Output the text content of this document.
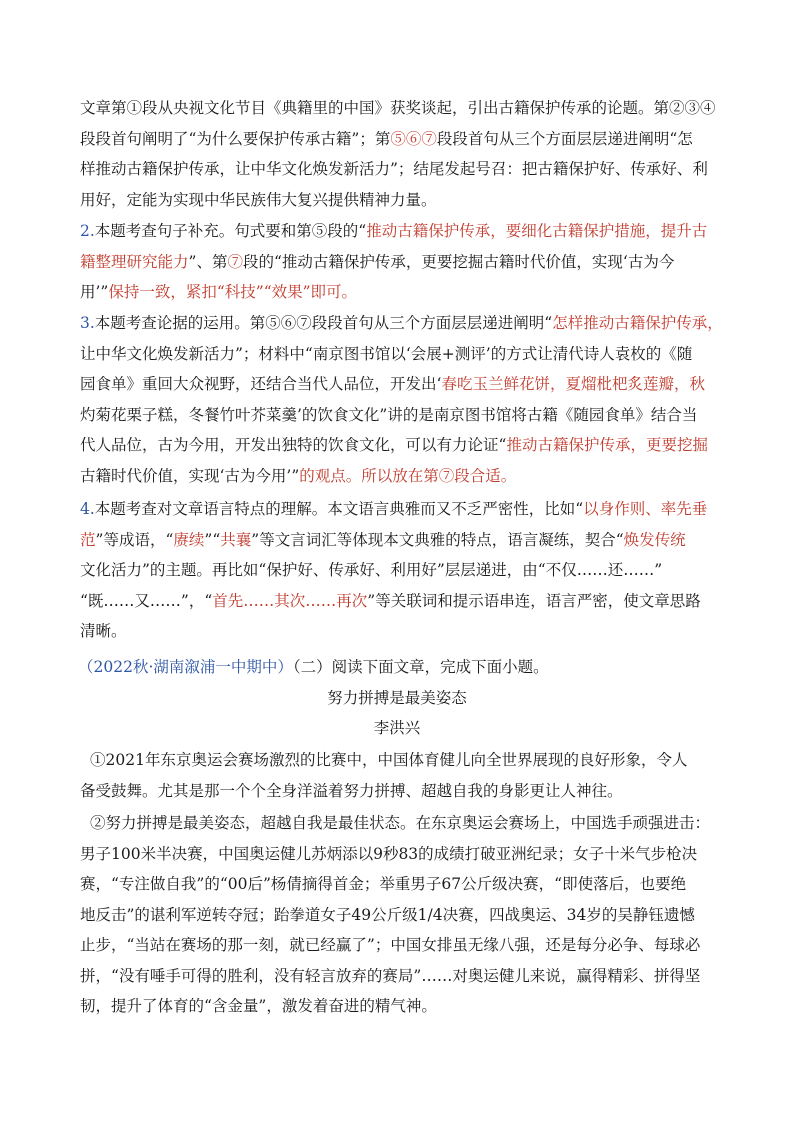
文章第①段从央视文化节目《典籍里的中国》获奖谈起，引出古籍保护传承的论题。第②③④
段段首句阐明了“为什么要保护传承古籍”；第⑤⑥⑦段段首句从三个方面层层递进阐明“怎
样推动古籍保护传承，让中华文化焕发新活力”；结尾发起号召：把古籍保护好、传承好、利
用好，定能为实现中华民族伟大复兴提供精神力量。
2.本题考查句子补充。句式要和第⑤段的“推动古籍保护传承，要细化古籍保护措施，提升古
籍整理研究能力”、第⑦段的“推动古籍保护传承，更要挖掘古籍时代价值，实现‘古为今
用’”保持一致，紧扣“科技”“效果”即可。
3.本题考查论据的运用。第⑤⑥⑦段段首句从三个方面层层递进阐明“怎样推动古籍保护传承，
让中华文化焕发新活力”；材料中“南京图书馆以‘会展+测评’的方式让清代诗人袁枚的《随
园食单》重回大众视野，还结合当代人品位，开发出‘春吃玉兰鲜花饼，夏熘枇杷炙莲瓣，秋
灼菊花栗子糕，冬餐竹叶芥菜羹’的饮食文化”讲的是南京图书馆将古籍《随园食单》结合当
代人品位，古为今用，开发出独特的饮食文化，可以有力论证“推动古籍保护传承，更要挖掘
古籍时代价值，实现‘古为今用’”的观点。所以放在第⑦段合适。
4.本题考查对文章语言特点的理解。本文语言典雅而又不乏严密性，比如“以身作则、率先垂
范”等成语，“赓续”“共襄”等文言词汇等体现本文典雅的特点，语言凝练，契合“焕发传统
文化活力”的主题。再比如“保护好、传承好、利用好”层层递进，由“不仅……还……”
“既……又……”，“首先……其次……再次”等关联词和提示语串连，语言严密，使文章思路
清晰。
（2022秋·湖南溆浦一中期中）（二）阅读下面文章，完成下面小题。
努力拼搏是最美姿态
李洪兴
①2021年东京奥运会赛场激烈的比赛中，中国体育健儿向全世界展现的良好形象，令人
备受鼓舞。尤其是那一个个全身洋溢着努力拼搏、超越自我的身影更让人神往。
②努力拼搏是最美姿态，超越自我是最佳状态。在东京奥运会赛场上，中国选手顽强进击：
男子100米半决赛，中国奥运健儿苏炳添以9秒83的成绩打破亚洲纪录；女子十米气步枪决
赛，“专注做自我”的“00后”杨倩摘得首金；举重男子67公斤级决赛，“即使落后，也要绝
地反击”的谌利军逆转夺冠；跆拳道女子49公斤级1/4决赛，四战奥运、34岁的吴静钰遗憾
止步，“当站在赛场的那一刻，就已经赢了”；中国女排虽无缘八强，还是每分必争、每球必
拼，“没有唾手可得的胜利，没有轻言放弃的赛局”……对奥运健儿来说，赢得精彩、拼得坚
韧，提升了体育的“含金量”，激发着奋进的精气神。
